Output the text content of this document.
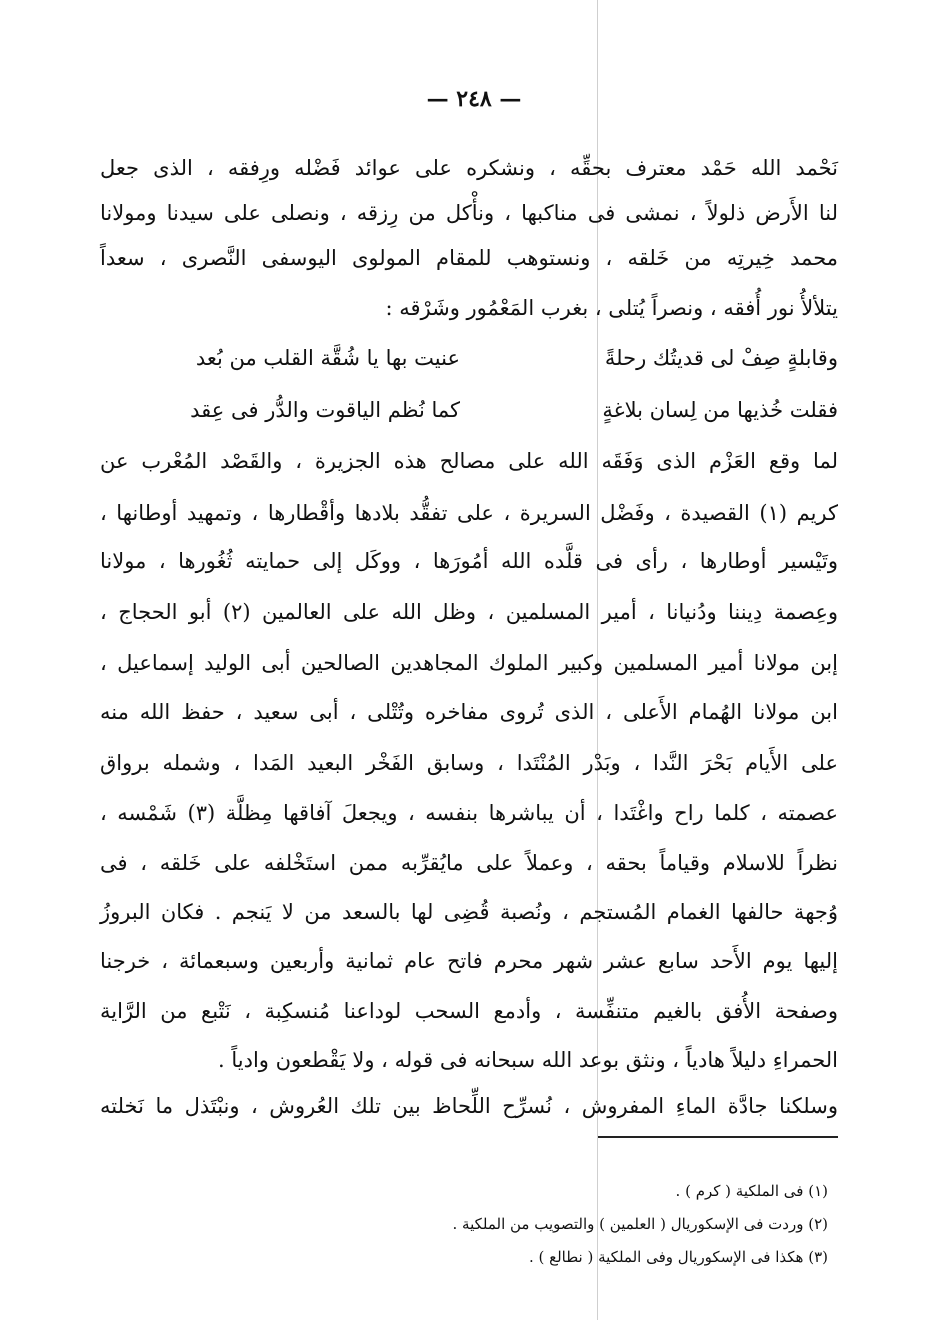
— ٢٤٨ —
نَحْمد الله حَمْد معترف بحقِّه ، ونشكره على عوائد فَضْله ورِفقه ، الذى جعل
لنا الأَرض ذلولاً ، نمشى فى مناكبها ، ونأْكل من رِزقه ، ونصلى على سيدنا ومولانا
محمد خِيرتِه من خَلقه ، ونستوهب للمقام المولوى اليوسفى النَّصرى ، سعداً
يتلألأُ نور أُفقه ، ونصراً يُتلى ، بغرب المَعْمُور وشَرْقه :
وقابلةٍ صِفْ لى قديتُك رحلةً
عنيت بها يا شُقَّة القلب من بُعد
فقلت خُذيها من لِسان بلاغةٍ
كما نُظم الياقوت والدُّر فى عِقد
لما وقع العَزْم الذى وَفَقَه الله على مصالح هذه الجزيرة ، والقَصْد المُعْرب عن
كريم (١) القصيدة ، وفَضْل السريرة ، على تفقُّد بلادها وأقْطارها ، وتمهيد أوطانها ،
وتَيْسير أوطارها ، رأى فى قلَّده الله أمُورَها ، ووكَل إلى حمايته ثُغُورها ، مولانا
وعِصمة دِيننا ودُنيانا ، أمير المسلمين ، وظل الله على العالمين (٢) أبو الحجاج ،
إبن مولانا أمير المسلمين وكبير الملوك المجاهدين الصالحين أبى الوليد إسماعيل ،
ابن مولانا الهُمام الأَعلى ، الذى تُروى مفاخره وتُتْلى ، أبى سعيد ، حفظ الله منه
على الأَيام بَحْرَ النَّدا ، وبَدْر المُنْتَدا ، وسابق الفَخْر البعيد المَدا ، وشمله برواق
عصمته ، كلما راح واغْتَدا ، أن يباشرها بنفسه ، ويجعلَ آفاقها مِظلَّة (٣) شَمْسه ،
نظراً للاسلام وقياماً بحقه ، وعملاً على مايُقرِّبه ممن استَخْلفه على خَلقه ، فى
وُجهة حالفها الغمام المُستجم ، ونُصبة قُضِى لها بالسعد من لا يَنجم . فكان البروزُ
إليها يوم الأَحد سابع عشر شهر محرم فاتح عام ثمانية وأربعين وسبعمائة ، خرجنا
وصفحة الأُفق بالغيم متنفِّسة ، وأدمع السحب لوداعنا مُنسكِبة ، نَتْبع من الرَّاية
الحمراءِ دليلاً هادياً ، ونثق بوعد الله سبحانه فى قوله ، ولا يَقْطعون وادياً .
وسلكنا جادَّة الماءِ المفروش ، نُسرِّح اللِّحاظ بين تلك العُروش ، ونبْتَذل ما نَخلته
(١) فى الملكية ( كرم ) .
(٢) وردت فى الإسكوريال ( العلمين ) والتصويب من الملكية .
(٣) هكذا فى الإسكوريال وفى الملكية ( نطالع ) .
